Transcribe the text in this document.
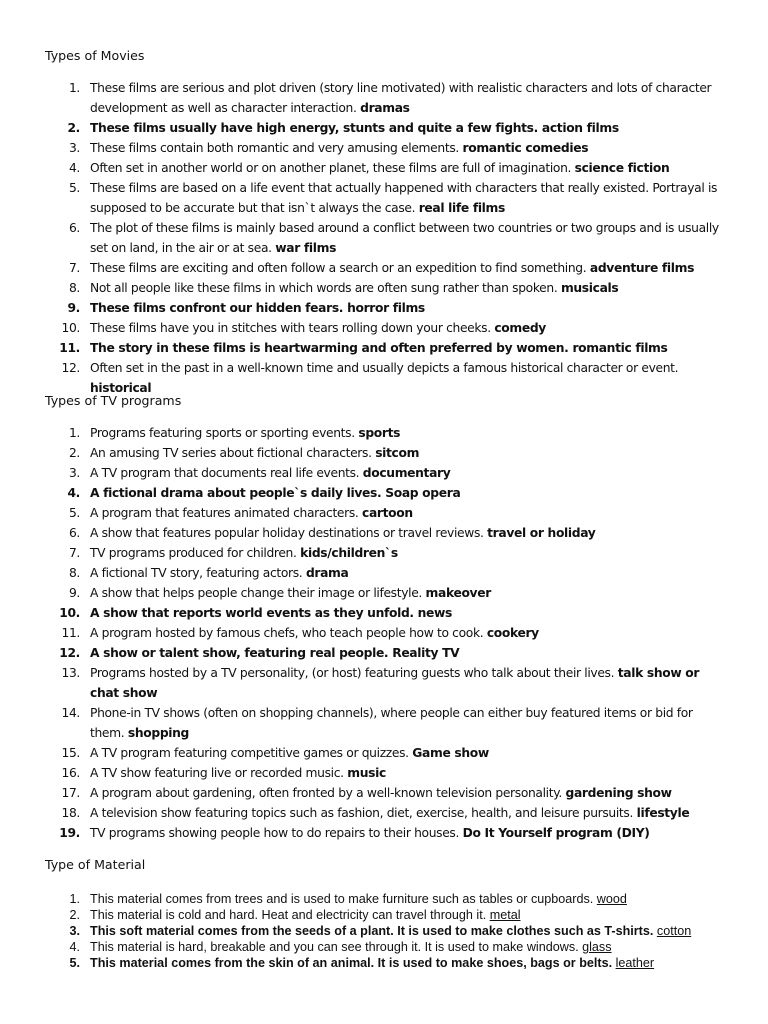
Types of Movies
1. These films are serious and plot driven (story line motivated) with realistic characters and lots of character development as well as character interaction. dramas
2. These films usually have high energy, stunts and quite a few fights. action films
3. These films contain both romantic and very amusing elements. romantic comedies
4. Often set in another world or on another planet, these films are full of imagination. science fiction
5. These films are based on a life event that actually happened with characters that really existed. Portrayal is supposed to be accurate but that isn`t always the case. real life films
6. The plot of these films is mainly based around a conflict between two countries or two groups and is usually set on land, in the air or at sea. war films
7. These films are exciting and often follow a search or an expedition to find something. adventure films
8. Not all people like these films in which words are often sung rather than spoken. musicals
9. These films confront our hidden fears. horror films
10. These films have you in stitches with tears rolling down your cheeks. comedy
11. The story in these films is heartwarming and often preferred by women. romantic films
12. Often set in the past in a well-known time and usually depicts a famous historical character or event. historical
Types of TV programs
1. Programs featuring sports or sporting events. sports
2. An amusing TV series about fictional characters. sitcom
3. A TV program that documents real life events. documentary
4. A fictional drama about people`s daily lives. Soap opera
5. A program that features animated characters. cartoon
6. A show that features popular holiday destinations or travel reviews. travel or holiday
7. TV programs produced for children. kids/children`s
8. A fictional TV story, featuring actors. drama
9. A show that helps people change their image or lifestyle. makeover
10. A show that reports world events as they unfold. news
11. A program hosted by famous chefs, who teach people how to cook. cookery
12. A show or talent show, featuring real people. Reality TV
13. Programs hosted by a TV personality, (or host) featuring guests who talk about their lives. talk show or chat show
14. Phone-in TV shows (often on shopping channels), where people can either buy featured items or bid for them. shopping
15. A TV program featuring competitive games or quizzes. Game show
16. A TV show featuring live or recorded music. music
17. A program about gardening, often fronted by a well-known television personality. gardening show
18. A television show featuring topics such as fashion, diet, exercise, health, and leisure pursuits. lifestyle
19. TV programs showing people how to do repairs to their houses. Do It Yourself program (DIY)
Type of Material
1. This material comes from trees and is used to make furniture such as tables or cupboards. wood
2. This material is cold and hard. Heat and electricity can travel through it. metal
3. This soft material comes from the seeds of a plant. It is used to make clothes such as T-shirts. cotton
4. This material is hard, breakable and you can see through it. It is used to make windows. glass
5. This material comes from the skin of an animal. It is used to make shoes, bags or belts. leather
